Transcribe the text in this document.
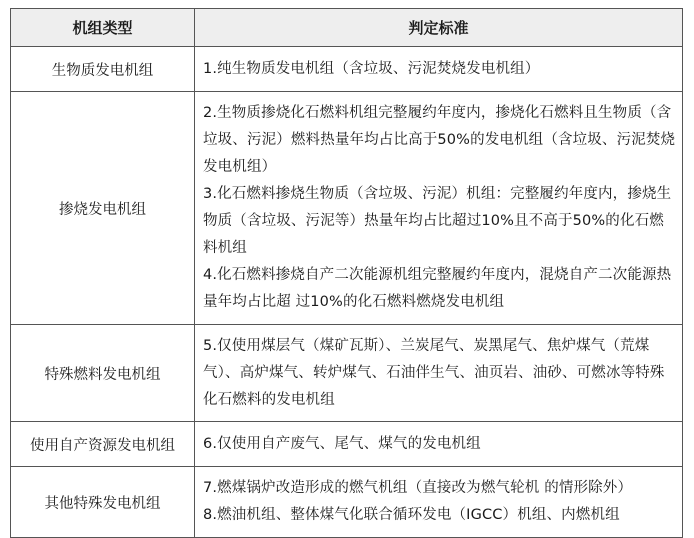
机组类型	判定标准
生物质发电机组	1.纯生物质发电机组（含垃圾、污泥焚烧发电机组）

掺烧发电机组	2.生物质掺烧化石燃料机组完整履约年度内，掺烧化石燃料且生物质（含垃圾、污泥）燃料热量年均占比高于50%的发电机组（含垃圾、污泥焚烧发电机组）
3.化石燃料掺烧生物质（含垃圾、污泥）机组：完整履约年度内，掺烧生物质（含垃圾、污泥等）热量年均占比超过10%且不高于50%的化石燃料机组
4.化石燃料掺烧自产二次能源机组完整履约年度内，混烧自产二次能源热量年均占比超 过10%的化石燃料燃烧发电机组

特殊燃料发电机组	5.仅使用煤层气（煤矿瓦斯）、兰炭尾气、炭黑尾气、焦炉煤气（荒煤气）、高炉煤气、转炉煤气、石油伴生气、油页岩、油砂、可燃冰等特殊化石燃料的发电机组

使用自产资源发电机组	6.仅使用自产废气、尾气、煤气的发电机组

其他特殊发电机组	7.燃煤锅炉改造形成的燃气机组（直接改为燃气轮机 的情形除外）
8.燃油机组、整体煤气化联合循环发电（IGCC）机组、内燃机组
